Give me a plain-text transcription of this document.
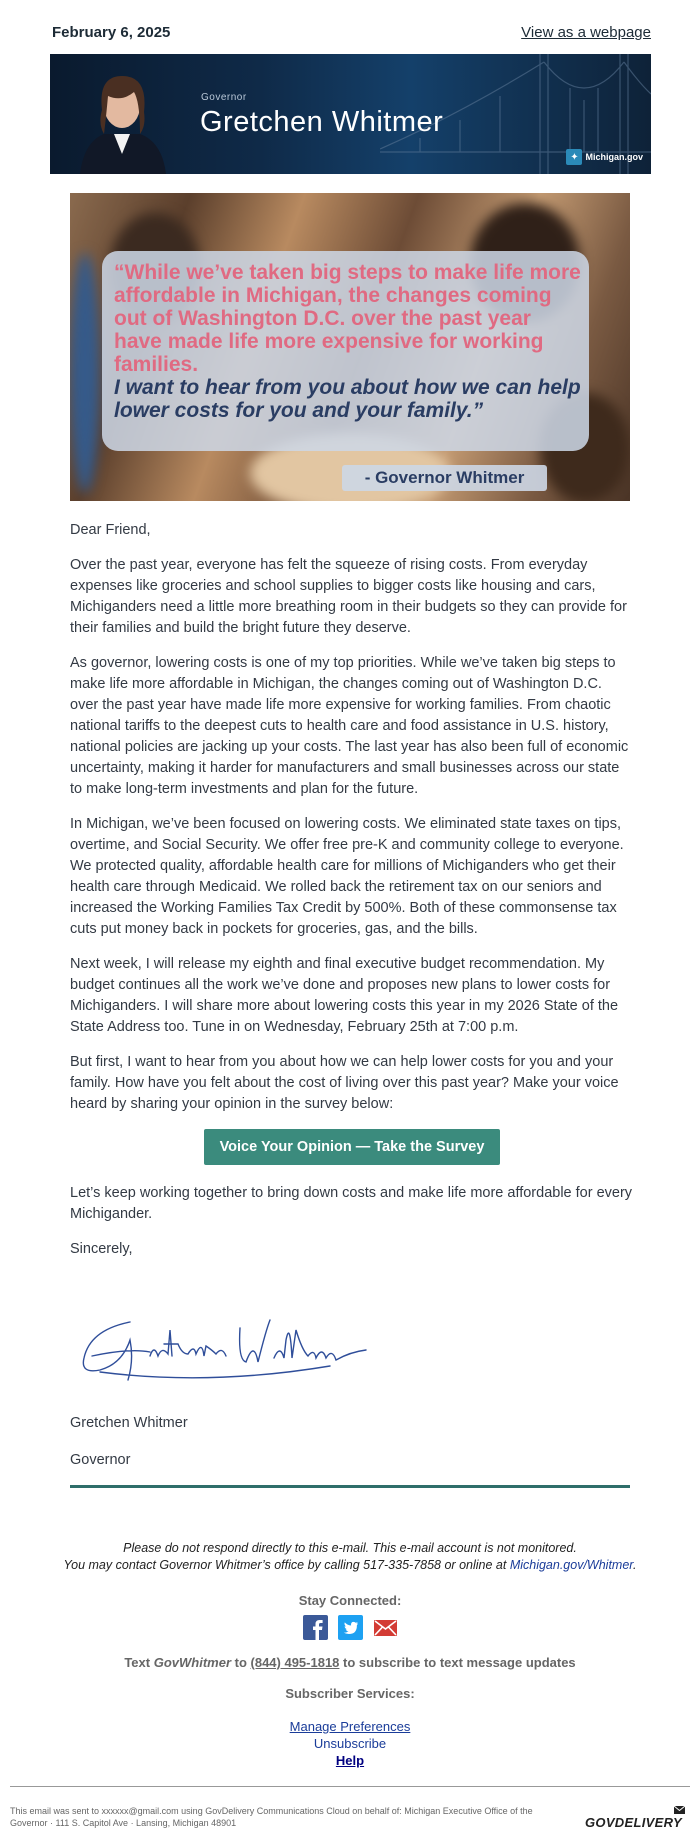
February 6, 2025	View as a webpage
Governor
Gretchen Whitmer
✦ Michigan.gov
“While we’ve taken big steps to make life more affordable in Michigan, the changes coming out of Washington D.C. over the past year have made life more expensive for working families.
I want to hear from you about how we can help lower costs for you and your family.”
- Governor Whitmer

Dear Friend,

Over the past year, everyone has felt the squeeze of rising costs. From everyday expenses like groceries and school supplies to bigger costs like housing and cars, Michiganders need a little more breathing room in their budgets so they can provide for their families and build the bright future they deserve.

As governor, lowering costs is one of my top priorities. While we’ve taken big steps to make life more affordable in Michigan, the changes coming out of Washington D.C. over the past year have made life more expensive for working families. From chaotic national tariffs to the deepest cuts to health care and food assistance in U.S. history, national policies are jacking up your costs. The last year has also been full of economic uncertainty, making it harder for manufacturers and small businesses across our state to make long-term investments and plan for the future.

In Michigan, we’ve been focused on lowering costs. We eliminated state taxes on tips, overtime, and Social Security. We offer free pre-K and community college to everyone. We protected quality, affordable health care for millions of Michiganders who get their health care through Medicaid. We rolled back the retirement tax on our seniors and increased the Working Families Tax Credit by 500%. Both of these commonsense tax cuts put money back in pockets for groceries, gas, and the bills.

Next week, I will release my eighth and final executive budget recommendation. My budget continues all the work we’ve done and proposes new plans to lower costs for Michiganders. I will share more about lowering costs this year in my 2026 State of the State Address too. Tune in on Wednesday, February 25th at 7:00 p.m.

But first, I want to hear from you about how we can help lower costs for you and your family. How have you felt about the cost of living over this past year? Make your voice heard by sharing your opinion in the survey below:

Voice Your Opinion — Take the Survey

Let’s keep working together to bring down costs and make life more affordable for every Michigander.

Sincerely,

Gretchen Whitmer
Governor
Please do not respond directly to this e-mail. This e-mail account is not monitored.
You may contact Governor Whitmer’s office by calling 517-335-7858 or online at Michigan.gov/Whitmer.
Stay Connected:
Text GovWhitmer to (844) 495-1818 to subscribe to text message updates
Subscriber Services:
Manage Preferences
Unsubscribe
Help
This email was sent to xxxxxx@gmail.com using GovDelivery Communications Cloud on behalf of: Michigan Executive Office of the Governor · 111 S. Capitol Ave · Lansing, Michigan 48901	GOVDELIVERY
